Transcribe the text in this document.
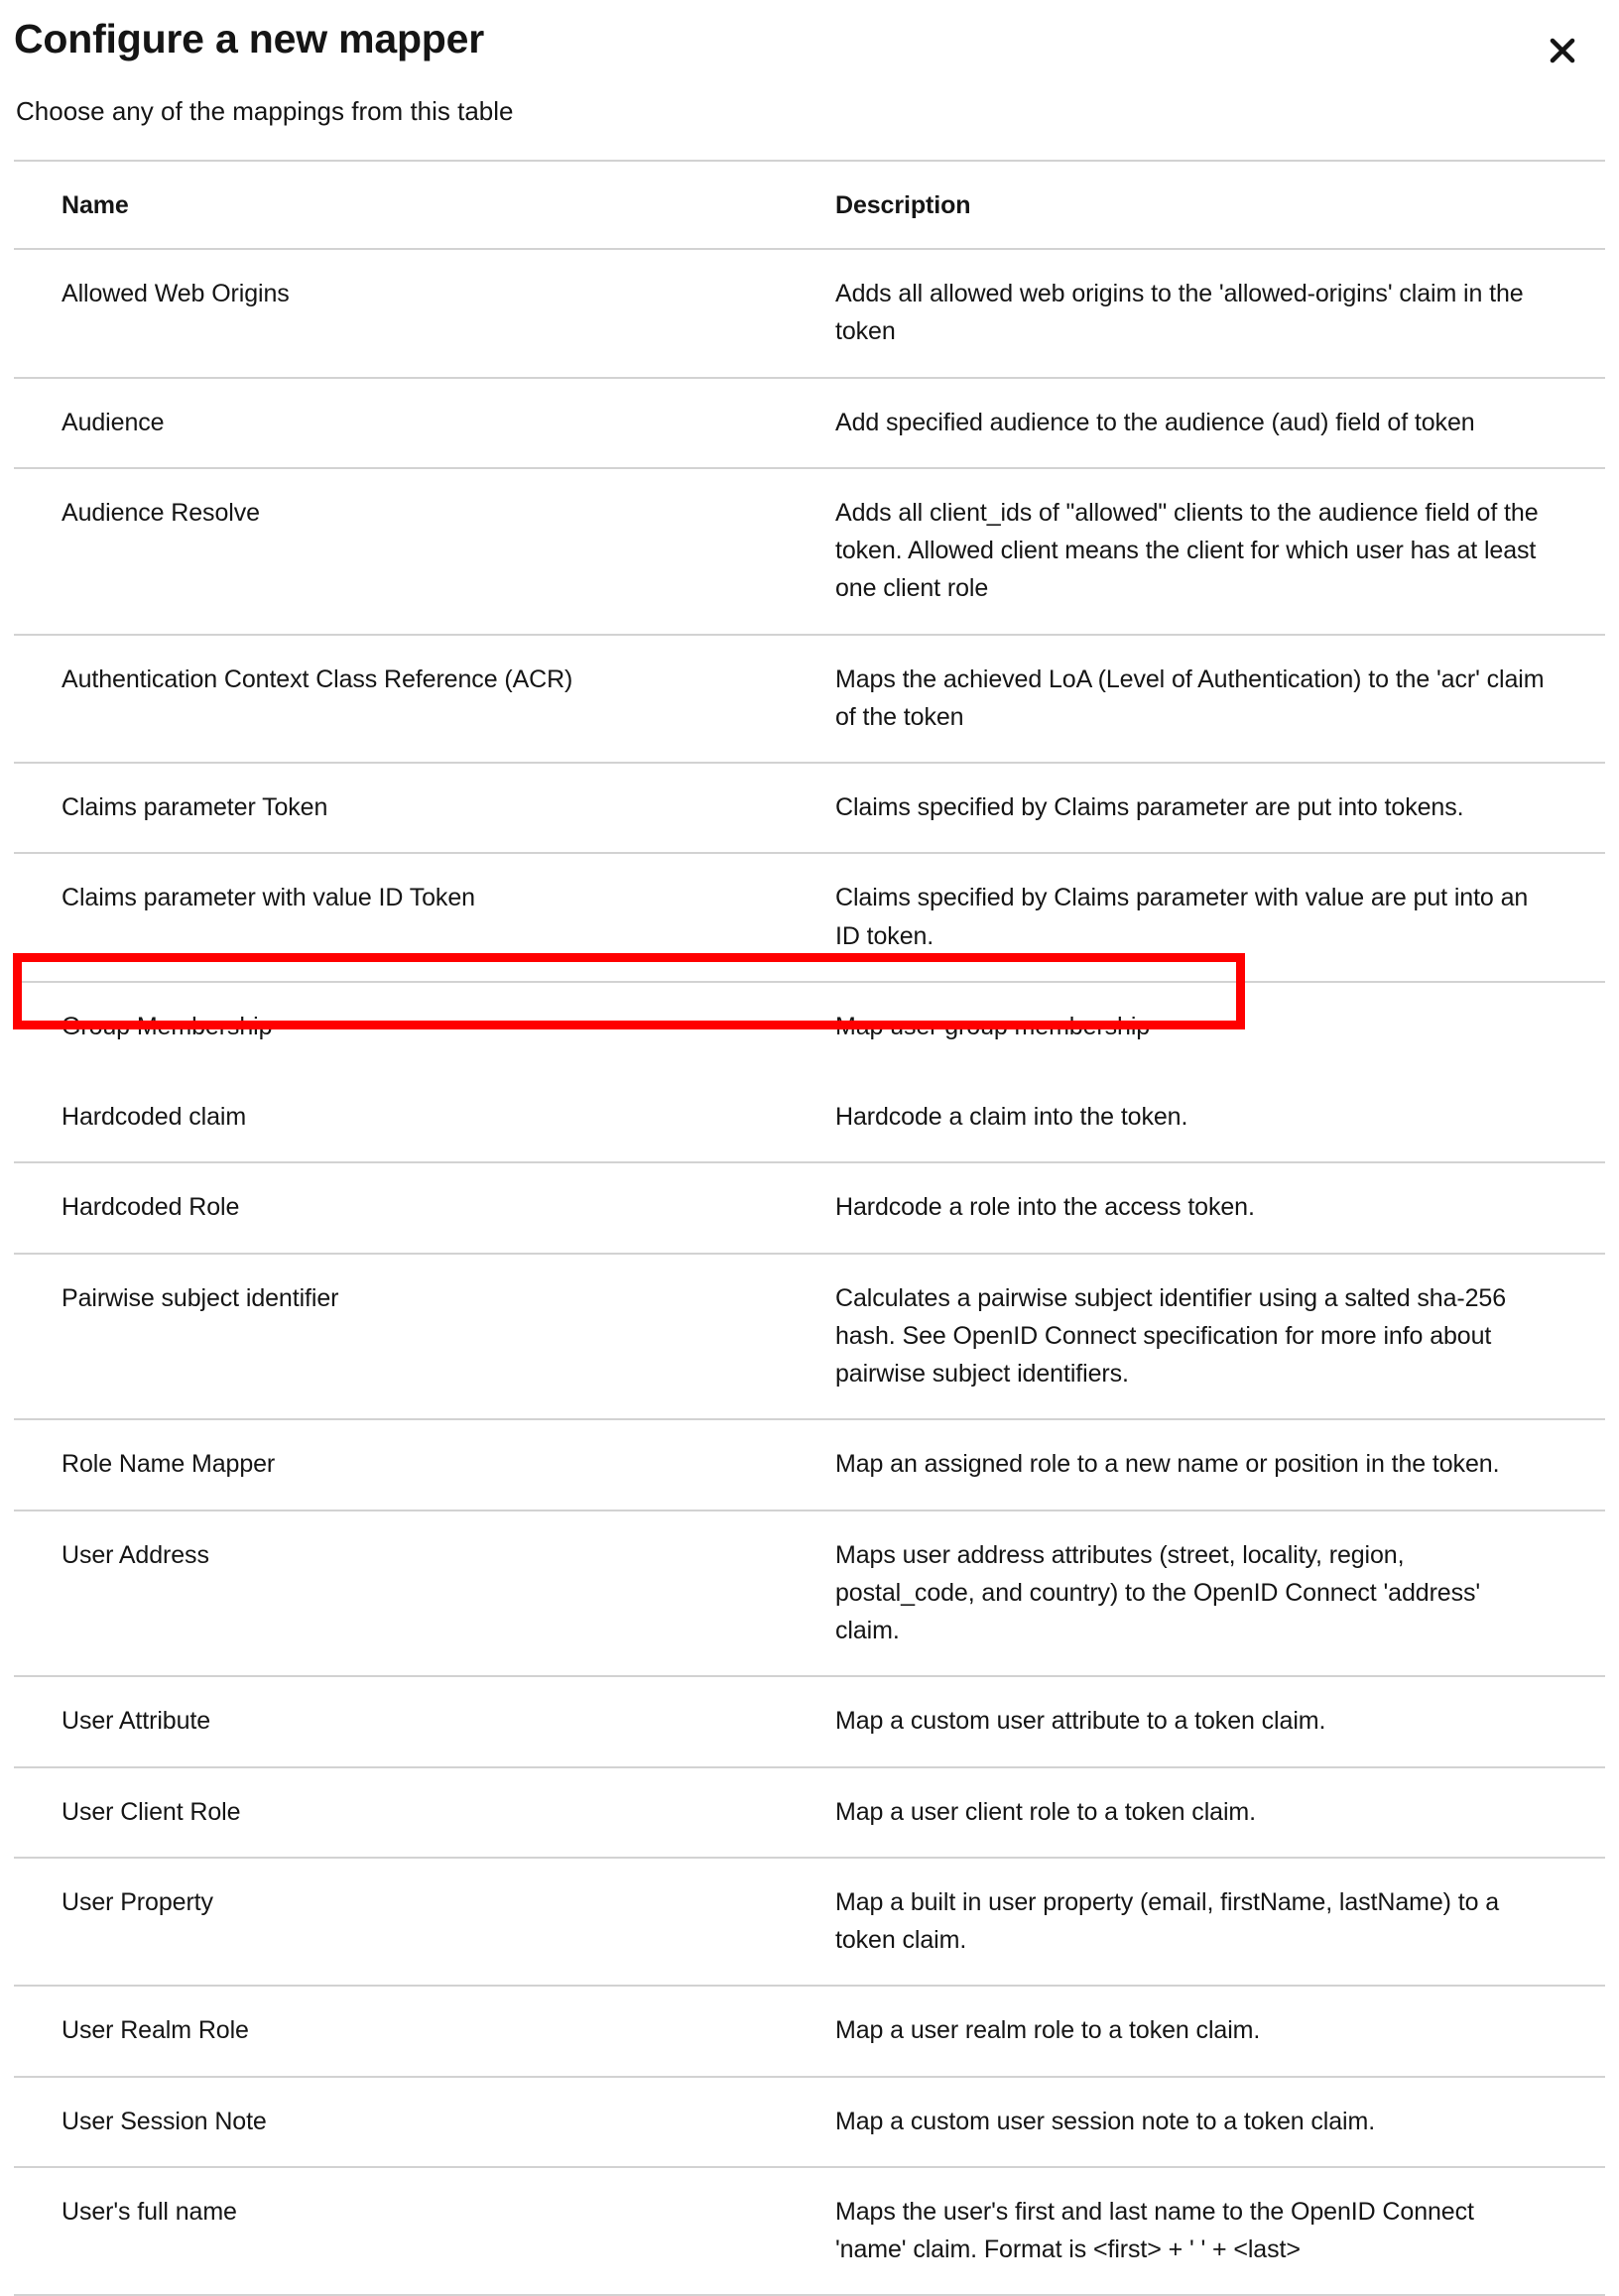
Configure a new mapper
Choose any of the mappings from this table
Name	Description
Allowed Web Origins	Adds all allowed web origins to the 'allowed-origins' claim in the token
Audience	Add specified audience to the audience (aud) field of token
Audience Resolve	Adds all client_ids of "allowed" clients to the audience field of the token. Allowed client means the client for which user has at least one client role
Authentication Context Class Reference (ACR)	Maps the achieved LoA (Level of Authentication) to the 'acr' claim of the token
Claims parameter Token	Claims specified by Claims parameter are put into tokens.
Claims parameter with value ID Token	Claims specified by Claims parameter with value are put into an ID token.
Group Membership	Map user group membership
Hardcoded claim	Hardcode a claim into the token.
Hardcoded Role	Hardcode a role into the access token.
Pairwise subject identifier	Calculates a pairwise subject identifier using a salted sha-256 hash. See OpenID Connect specification for more info about pairwise subject identifiers.
Role Name Mapper	Map an assigned role to a new name or position in the token.
User Address	Maps user address attributes (street, locality, region, postal_code, and country) to the OpenID Connect 'address' claim.
User Attribute	Map a custom user attribute to a token claim.
User Client Role	Map a user client role to a token claim.
User Property	Map a built in user property (email, firstName, lastName) to a token claim.
User Realm Role	Map a user realm role to a token claim.
User Session Note	Map a custom user session note to a token claim.
User's full name	Maps the user's first and last name to the OpenID Connect 'name' claim. Format is <first> + ' ' + <last>
